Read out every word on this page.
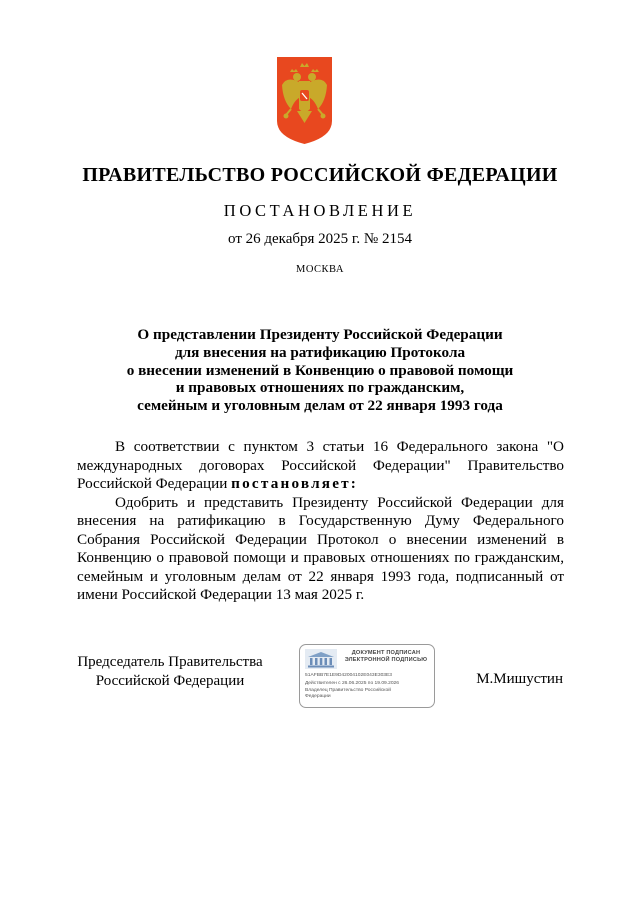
ПРАВИТЕЛЬСТВО РОССИЙСКОЙ ФЕДЕРАЦИИ
ПОСТАНОВЛЕНИЕ
от 26 декабря 2025 г. № 2154
МОСКВА
О представлении Президенту Российской Федерации
для внесения на ратификацию Протокола
о внесении изменений в Конвенцию о правовой помощи
и правовых отношениях по гражданским,
семейным и уголовным делам от 22 января 1993 года

В соответствии с пунктом 3 статьи 16 Федерального закона "О международных договорах Российской Федерации" Правительство Российской Федерации постановляет:

Одобрить и представить Президенту Российской Федерации для внесения на ратификацию в Государственную Думу Федерального Собрания Российской Федерации Протокол о внесении изменений в Конвенцию о правовой помощи и правовых отношениях по гражданским, семейным и уголовным делам от 22 января 1993 года, подписанный от имени Российской Федерации 13 мая 2025 г.

Председатель Правительства
Российской Федерации
ДОКУМЕНТ ПОДПИСАН
ЭЛЕКТРОННОЙ ПОДПИСЬЮ
51AFBB7E1E9D42004102E043E303E3
Действителен с 26.06.2025 по 19.09.2026
Владелец Правительство Российской
Федерации
М.Мишустин
